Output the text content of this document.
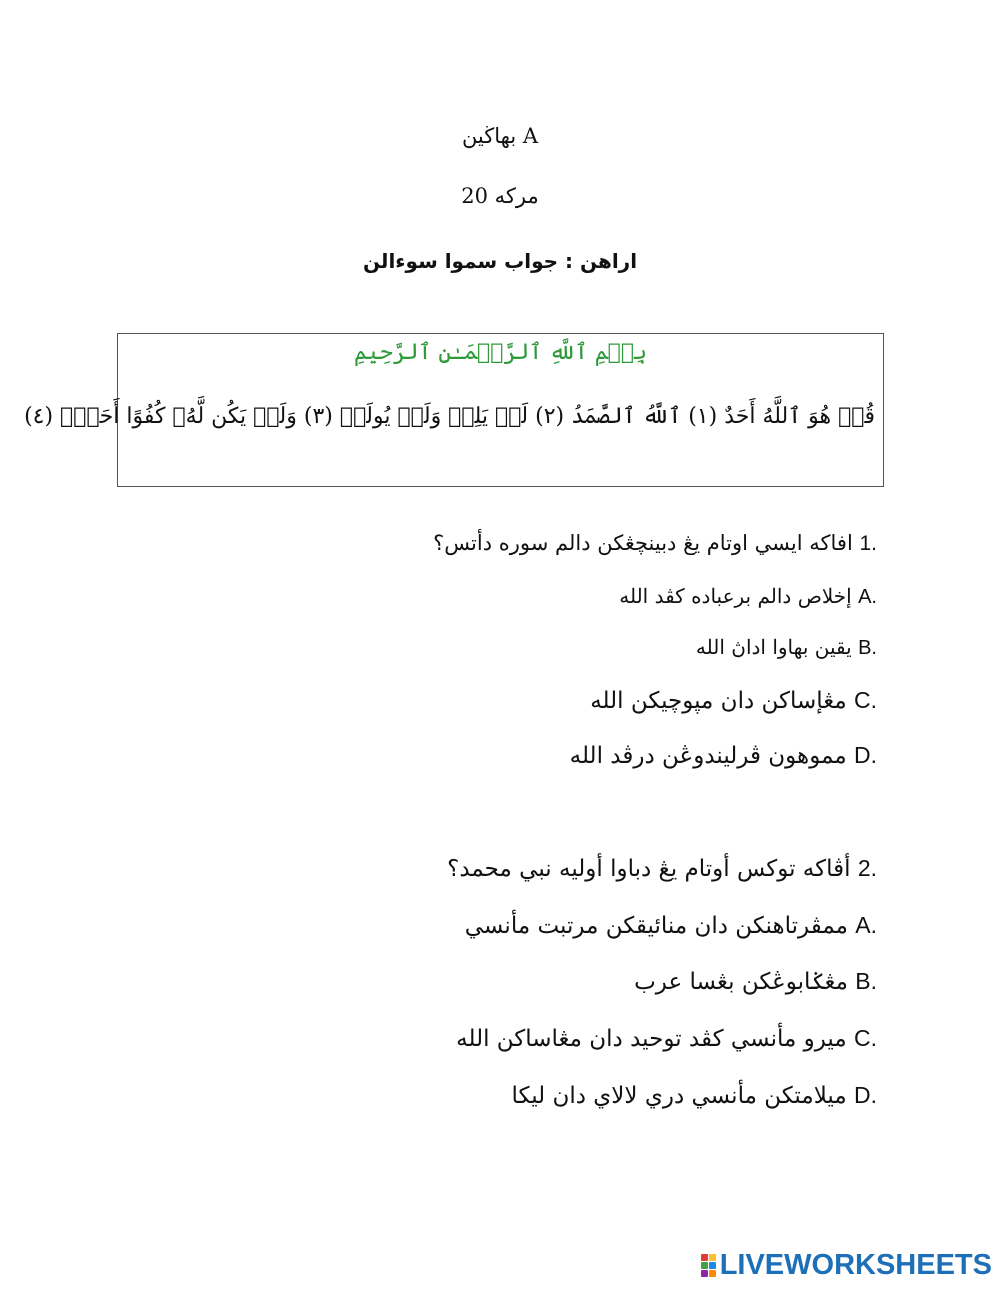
بهاڬين A
مركه 20
اراهن : جواب سموا سوءالن
بِسۡمِ ٱللَّهِ ٱلرَّحۡمَـٰنِ ٱلرَّحِيمِ
قُلۡ هُوَ ٱللَّهُ أَحَدٌ (١) ٱللَّهُ ٱلصَّمَدُ (٢) لَمۡ يَلِدۡ وَلَمۡ يُولَدۡ (٣) وَلَمۡ يَكُن لَّهُۥ كُفُوًا أَحَدٌۢ (٤)
1. افاكه ايسي اوتام يڠ دبينچڠكن دالم سوره دأتس؟
A. إخلاص دالم برعباده كڤد الله
B. يقين بهاوا اداڽ الله
C. مڠإساكن دان مپوچيكن الله
D. مموهون ڤرليندوڠن درڤد الله
2. أڤاكه توكس أوتام يڠ دباوا أوليه نبي محمد؟
A. ممڤرتاهنكن دان منائيقكن مرتبت مأنسي
B. مڠݢابوڠكن بڠسا عرب
C. ميرو مأنسي كڤد توحيد دان مڠاساكن الله
D. ميلامتكن مأنسي دري لالاي دان ليكا
LIVEWORKSHEETS
